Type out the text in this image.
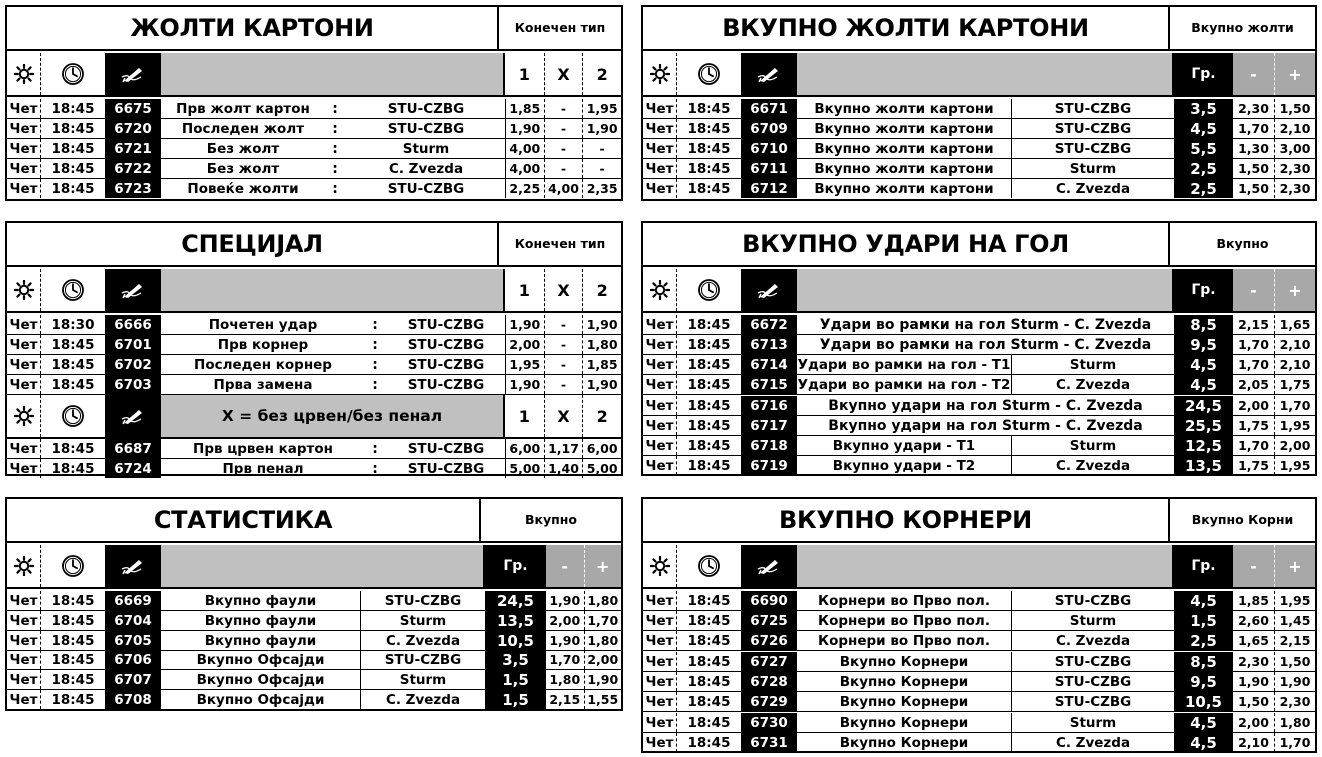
ЖОЛТИ КАРТОНИ	Конечен тип
1	X	2
Чет	18:45	6675	Прв жолт картон	:	STU-CZBG	1,85	-	1,95
Чет	18:45	6720	Последен жолт	:	STU-CZBG	1,90	-	1,90
Чет	18:45	6721	Без жолт	:	Sturm	4,00	-	-
Чет	18:45	6722	Без жолт	:	C. Zvezda	4,00	-	-
Чет	18:45	6723	Повеќе жолти	:	STU-CZBG	2,25 4,00 2,35
СПЕЦИЈАЛ	Конечен тип
1	X	2
Чет	18:30	6666	Почетен удар	:	STU-CZBG	1,90	-	1,90
Чет	18:45	6701	Прв корнер	:	STU-CZBG	2,00	-	1,80
Чет	18:45	6702	Последен корнер	:	STU-CZBG	1,95	-	1,85
Чет	18:45	6703	Прва замена	:	STU-CZBG	1,90	-	1,90
X = без црвен/без пенал	1	X	2
Чет	18:45	6687	Прв црвен картон	:	STU-CZBG	6,00 1,17 6,00
Чет	18:45	6724	Прв пенал	:	STU-CZBG	5,00 1,40 5,00
СТАТИСТИКА	Вкупно
Гр.	-	+
Чет	18:45	6669	Вкупно фаули	STU-CZBG	24,5	1,90 1,80
Чет	18:45	6704	Вкупно фаули	Sturm	13,5	2,00 1,70
Чет	18:45	6705	Вкупно фаули	C. Zvezda	10,5	1,90 1,80
Чет	18:45	6706	Вкупно Офсајди	STU-CZBG	3,5	1,70 2,00
Чет	18:45	6707	Вкупно Офсајди	Sturm	1,5	1,80 1,90
Чет	18:45	6708	Вкупно Офсајди	C. Zvezda	1,5	2,15 1,55
ВКУПНО ЖОЛТИ КАРТОНИ	Вкупно жолти
Гр.	-	+
Чет	18:45	6671	Вкупно жолти картони	STU-CZBG	3,5	2,30 1,50
Чет	18:45	6709	Вкупно жолти картони	STU-CZBG	4,5	1,70 2,10
Чет	18:45	6710	Вкупно жолти картони	STU-CZBG	5,5	1,30 3,00
Чет	18:45	6711	Вкупно жолти картони	Sturm	2,5	1,50 2,30
Чет	18:45	6712	Вкупно жолти картони	C. Zvezda	2,5	1,50 2,30
ВКУПНО УДАРИ НА ГОЛ	Вкупно
Гр.	-	+
Чет	18:45	6672	Удари во рамки на гол Sturm - C. Zvezda	8,5	2,15 1,65
Чет	18:45	6713	Удари во рамки на гол Sturm - C. Zvezda	9,5	1,70 2,10
Чет	18:45	6714 Удари во рамки на гол - Т1	Sturm	4,5	1,70 2,10
Чет	18:45	6715 Удари во рамки на гол - Т2	C. Zvezda	4,5	2,05 1,75
Чет	18:45	6716	Вкупно удари на гол Sturm - C. Zvezda	24,5	2,00 1,70
Чет	18:45	6717	Вкупно удари на гол Sturm - C. Zvezda	25,5	1,75 1,95
Чет	18:45	6718	Вкупно удари - Т1	Sturm	12,5	1,70 2,00
Чет	18:45	6719	Вкупно удари - Т2	C. Zvezda	13,5	1,75 1,95
ВКУПНО КОРНЕРИ	Вкупно Корни
Гр.	-	+
Чет	18:45	6690	Корнери во Прво пол.	STU-CZBG	4,5	1,85 1,95
Чет	18:45	6725	Корнери во Прво пол.	Sturm	1,5	2,60 1,45
Чет	18:45	6726	Корнери во Прво пол.	C. Zvezda	2,5	1,65 2,15
Чет	18:45	6727	Вкупно Корнери	STU-CZBG	8,5	2,30 1,50
Чет	18:45	6728	Вкупно Корнери	STU-CZBG	9,5	1,90 1,90
Чет	18:45	6729	Вкупно Корнери	STU-CZBG	10,5	1,50 2,30
Чет	18:45	6730	Вкупно Корнери	Sturm	4,5	2,00 1,80
Чет	18:45	6731	Вкупно Корнери	C. Zvezda	4,5	2,10 1,70
